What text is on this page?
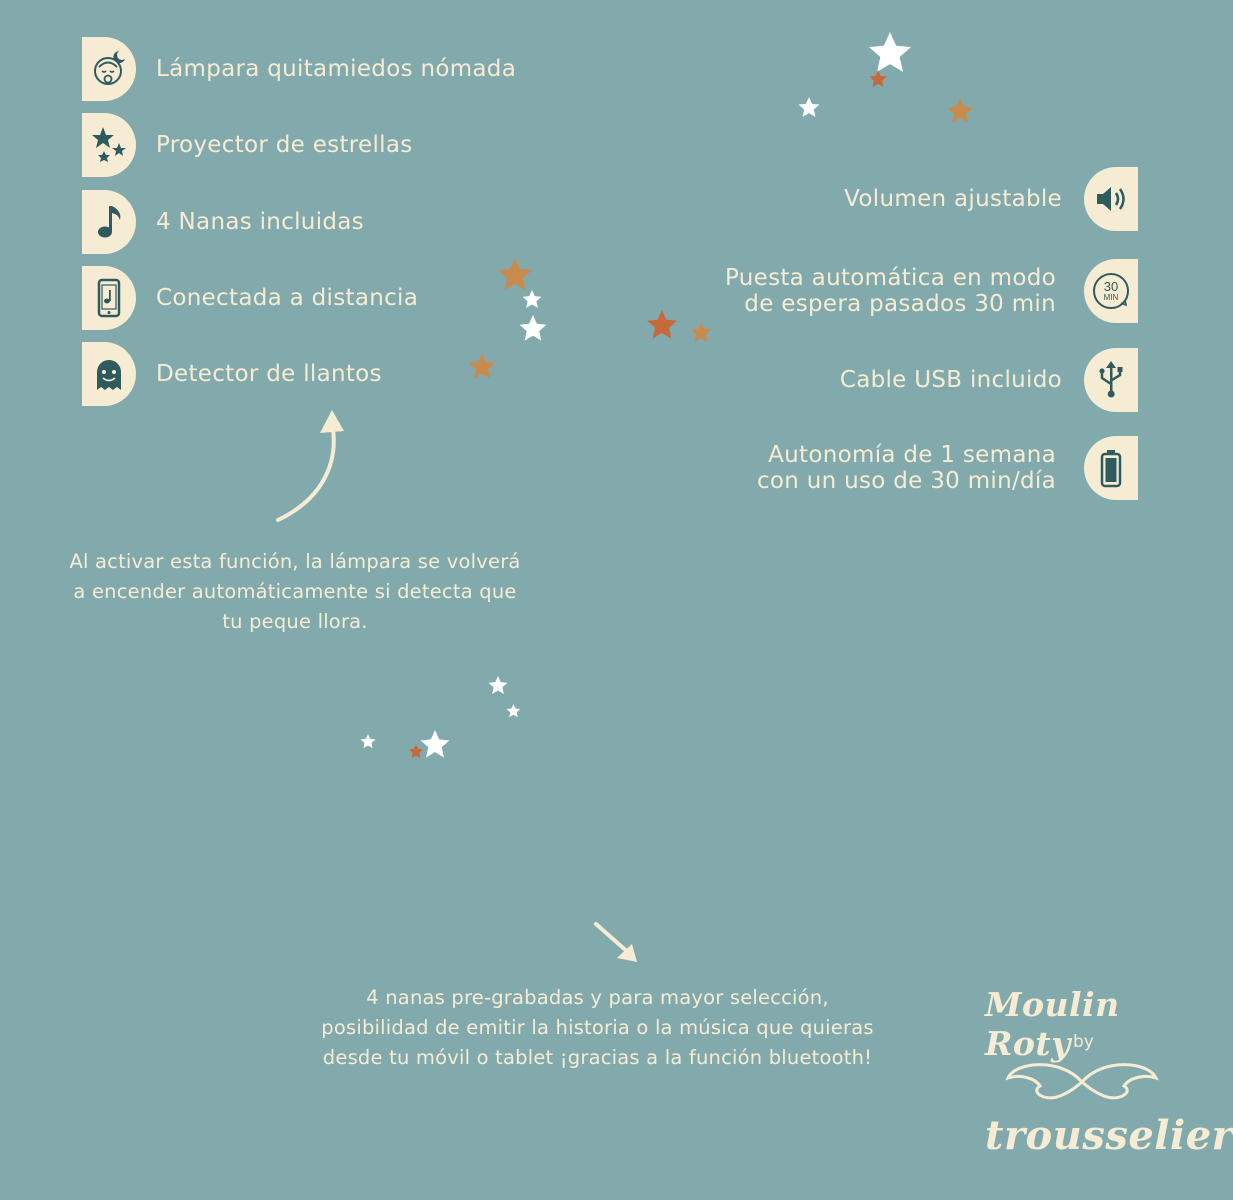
Lámpara quitamiedos nómada
Proyector de estrellas
4 Nanas incluidas
Conectada a distancia
Detector de llantos
Volumen ajustable
Puesta automática en modo
de espera pasados 30 min
30
MIN
Cable USB incluido
Autonomía de 1 semana
con un uso de 30 min/día
Al activar esta función, la lámpara se volverá
a encender automáticamente si detecta que
tu peque llora.
4 nanas pre-grabadas y para mayor selección,
posibilidad de emitir la historia o la música que quieras
desde tu móvil o tablet ¡gracias a la función bluetooth!
Moulin Roty by
trousselier
